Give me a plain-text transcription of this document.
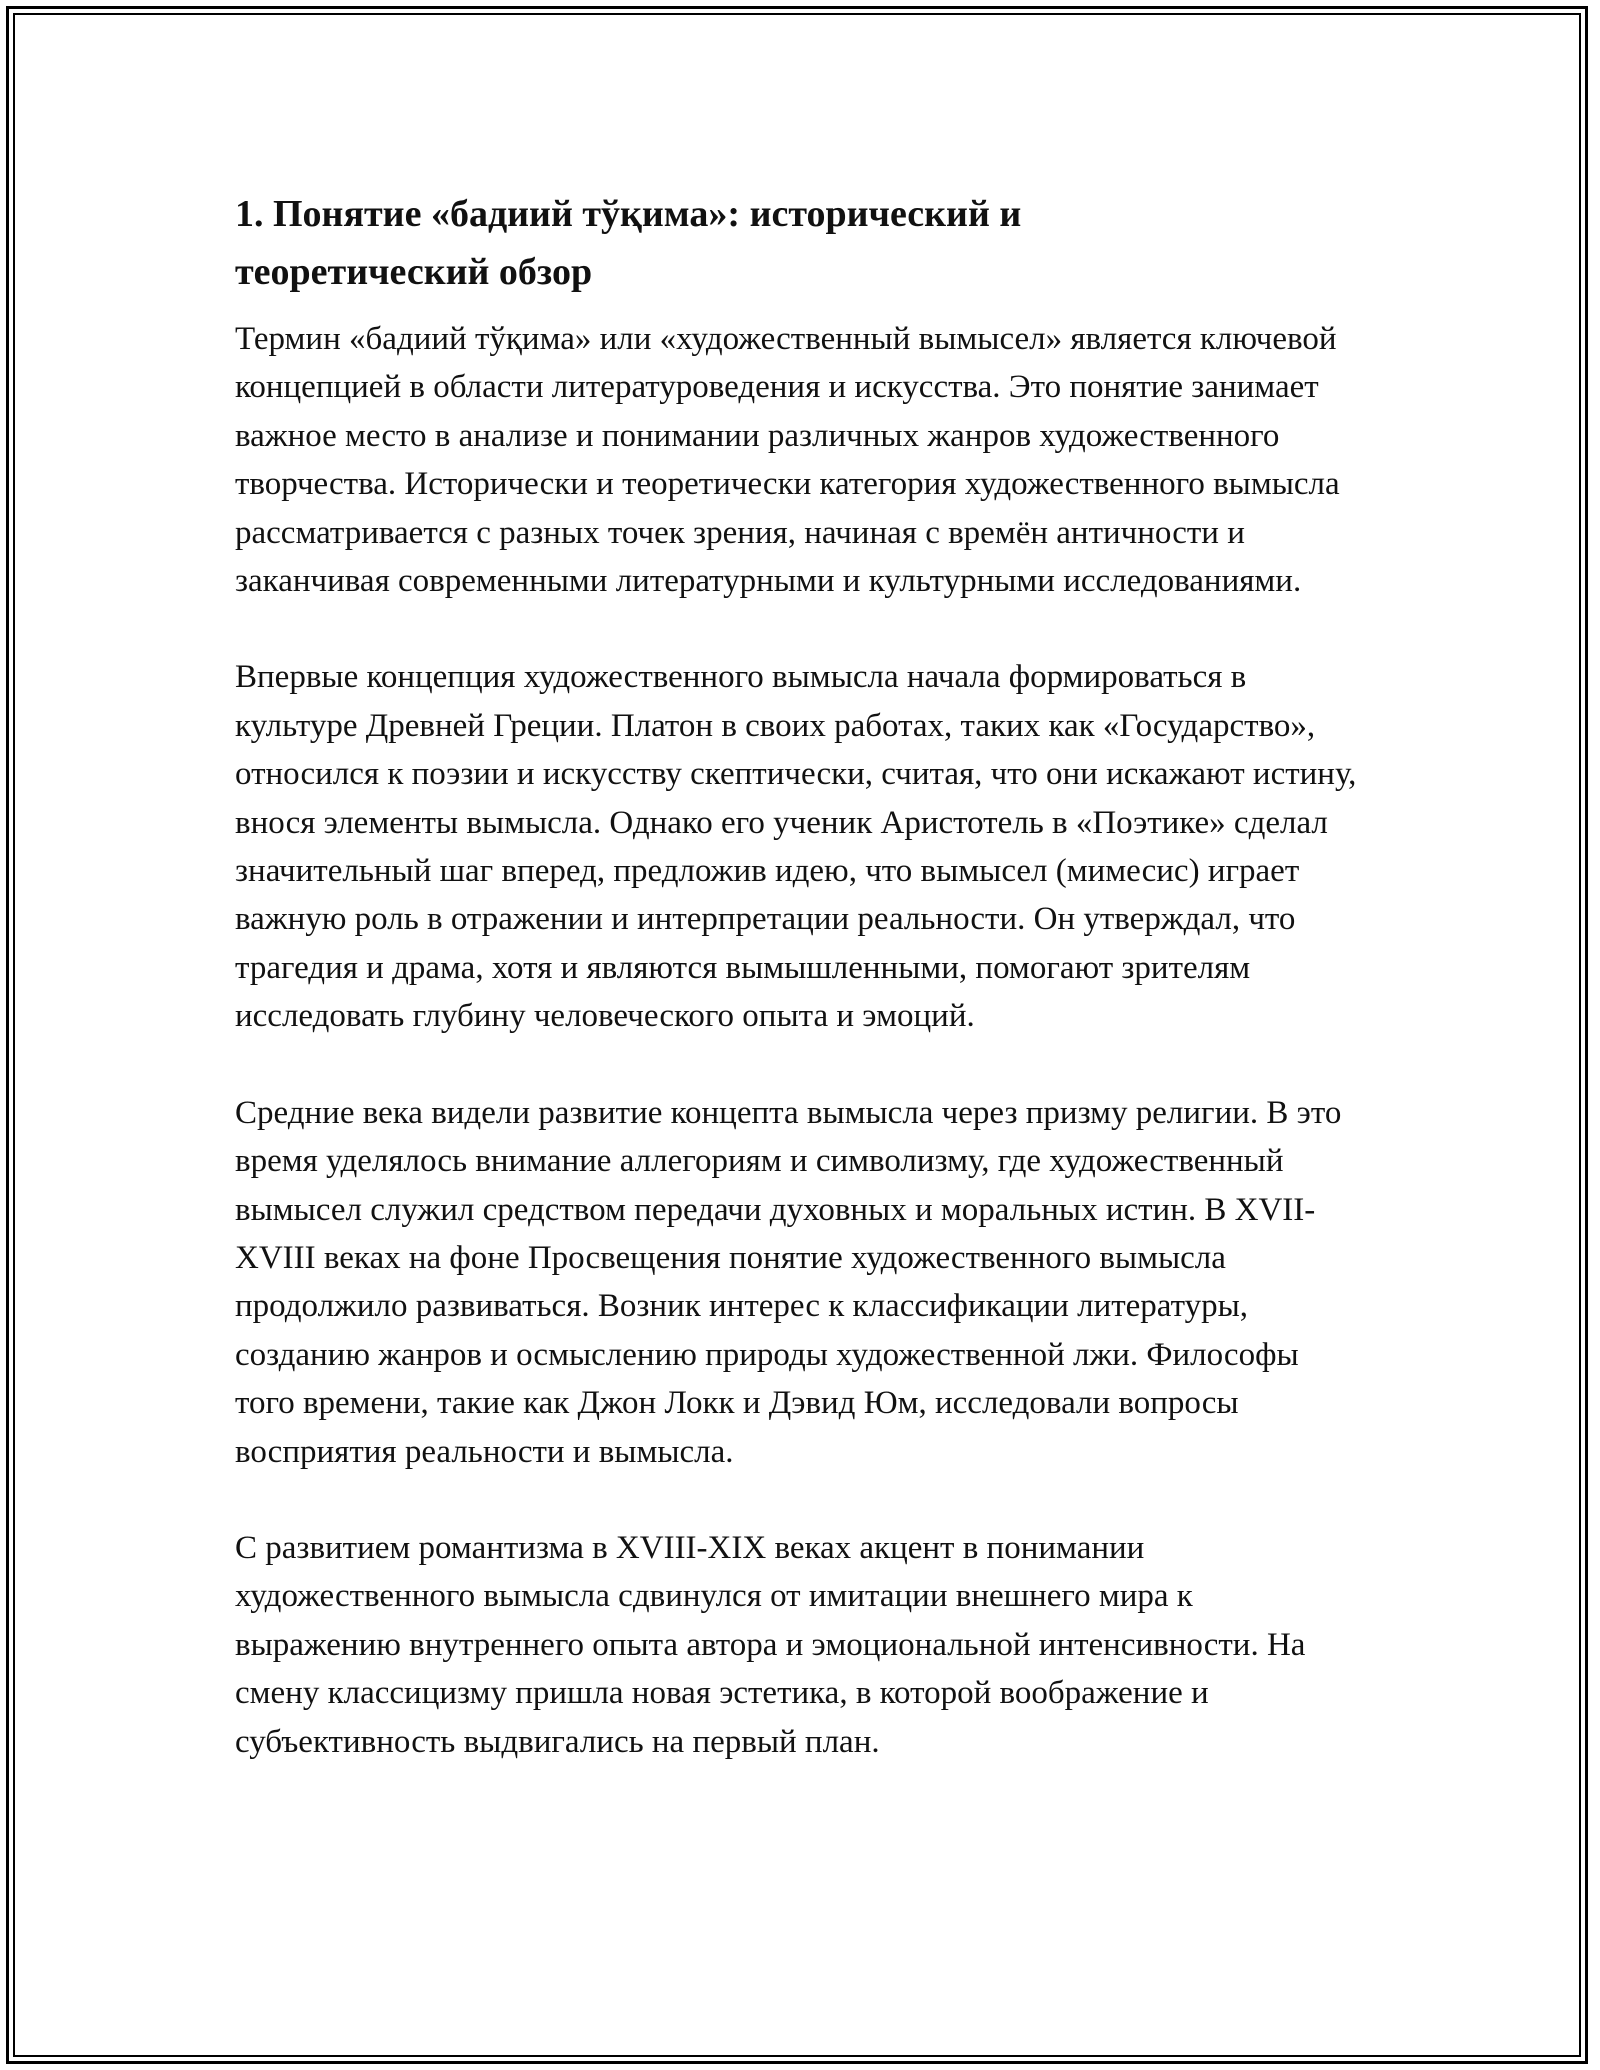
1. Понятие «бадиий тўқима»: исторический и теоретический обзор

Термин «бадиий тўқима» или «художественный вымысел» является ключевой концепцией в области литературоведения и искусства. Это понятие занимает важное место в анализе и понимании различных жанров художественного творчества. Исторически и теоретически категория художественного вымысла рассматривается с разных точек зрения, начиная с времён античности и заканчивая современными литературными и культурными исследованиями.

Впервые концепция художественного вымысла начала формироваться в культуре Древней Греции. Платон в своих работах, таких как «Государство», относился к поэзии и искусству скептически, считая, что они искажают истину, внося элементы вымысла. Однако его ученик Аристотель в «Поэтике» сделал значительный шаг вперед, предложив идею, что вымысел (мимесис) играет важную роль в отражении и интерпретации реальности. Он утверждал, что трагедия и драма, хотя и являются вымышленными, помогают зрителям исследовать глубину человеческого опыта и эмоций.

Средние века видели развитие концепта вымысла через призму религии. В это время уделялось внимание аллегориям и символизму, где художественный вымысел служил средством передачи духовных и моральных истин. В XVII-XVIII веках на фоне Просвещения понятие художественного вымысла продолжило развиваться. Возник интерес к классификации литературы, созданию жанров и осмыслению природы художественной лжи. Философы того времени, такие как Джон Локк и Дэвид Юм, исследовали вопросы восприятия реальности и вымысла.

С развитием романтизма в XVIII-XIX веках акцент в понимании художественного вымысла сдвинулся от имитации внешнего мира к выражению внутреннего опыта автора и эмоциональной интенсивности. На смену классицизму пришла новая эстетика, в которой воображение и субъективность выдвигались на первый план.
